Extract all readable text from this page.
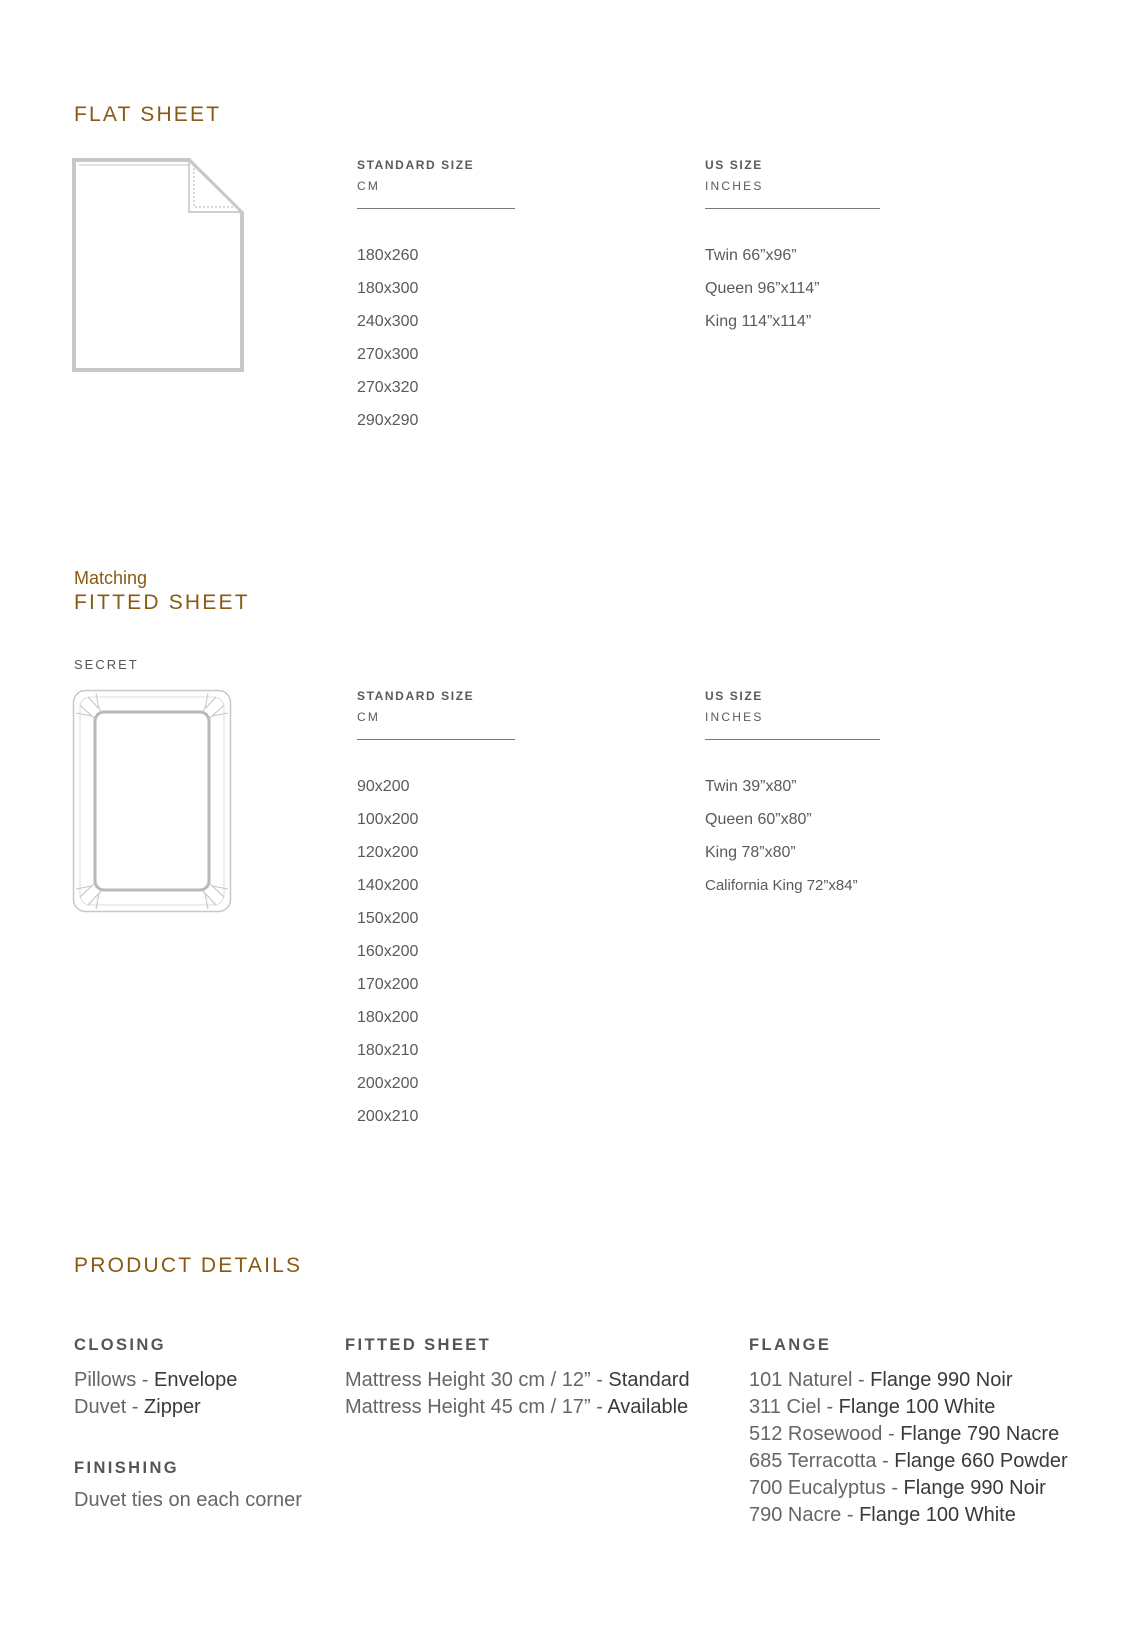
FLAT SHEET
STANDARD SIZE
CM
180x260
180x300
240x300
270x300
270x320
290x290
US SIZE
INCHES
Twin 66”x96”
Queen 96”x114”
King 114”x114”
Matching
FITTED SHEET
SECRET
STANDARD SIZE
CM
90x200
100x200
120x200
140x200
150x200
160x200
170x200
180x200
180x210
200x200
200x210
US SIZE
INCHES
Twin 39”x80”
Queen 60”x80”
King 78”x80”
California King 72”x84”
PRODUCT DETAILS
CLOSING
Pillows - Envelope
Duvet - Zipper
FINISHING
Duvet ties on each corner
FITTED SHEET
Mattress Height 30 cm / 12” - Standard
Mattress Height 45 cm / 17” - Available
FLANGE
101 Naturel - Flange 990 Noir
311 Ciel - Flange 100 White
512 Rosewood - Flange 790 Nacre
685 Terracotta - Flange 660 Powder
700 Eucalyptus - Flange 990 Noir
790 Nacre - Flange 100 White
